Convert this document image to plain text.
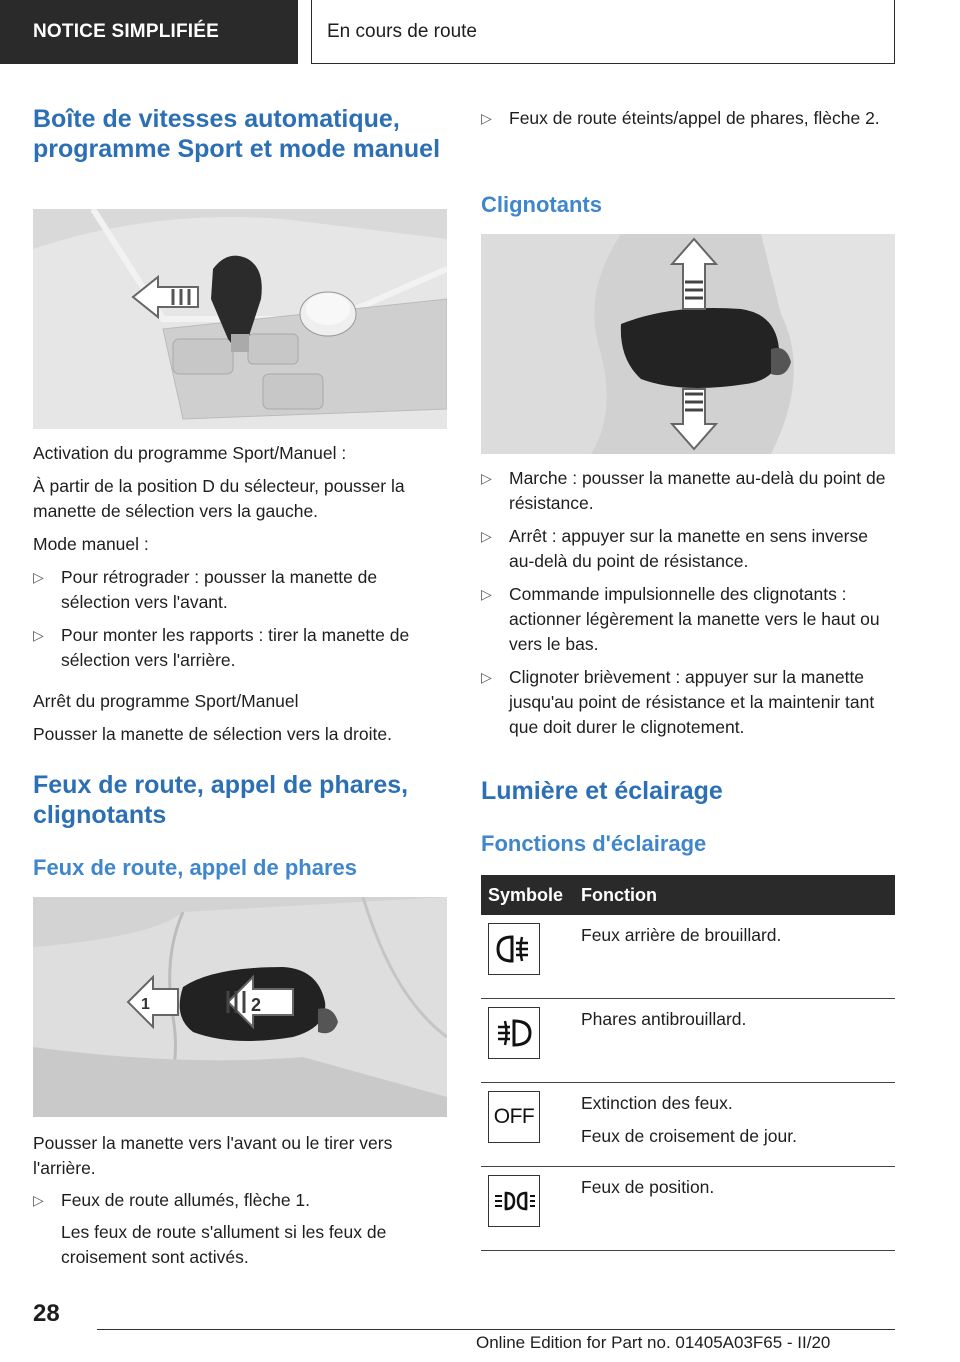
NOTICE SIMPLIFIÉE	En cours de route
Boîte de vitesses automatique, programme Sport et mode manuel

Activation du programme Sport/Manuel :

À partir de la position D du sélecteur, pousser la manette de sélection vers la gauche.

Mode manuel :

▷ Pour rétrograder : pousser la manette de sélection vers l'avant.
▷ Pour monter les rapports : tirer la manette de sélection vers l'arrière.

Arrêt du programme Sport/Manuel

Pousser la manette de sélection vers la droite.

Feux de route, appel de phares, clignotants
Feux de route, appel de phares
1	2

Pousser la manette vers l'avant ou le tirer vers l'arrière.

▷ Feux de route allumés, flèche 1.

Les feux de route s'allument si les feux de croisement sont activés.

▷ Feux de route éteints/appel de phares, flèche 2.
Clignotants
▷ Marche : pousser la manette au-delà du point de résistance.
▷ Arrêt : appuyer sur la manette en sens inverse au-delà du point de résistance.
▷ Commande impulsionnelle des clignotants : actionner légèrement la manette vers le haut ou vers le bas.
▷ Clignoter brièvement : appuyer sur la manette jusqu'au point de résistance et la maintenir tant que doit durer le clignotement.
Lumière et éclairage
Fonctions d'éclairage
Symbole	Fonction

Feux arrière de brouillard.

Phares antibrouillard.

OFF	Extinction des feux.
Feux de croisement de jour.

Feux de position.
28
Online Edition for Part no. 01405A03F65 - II/20
